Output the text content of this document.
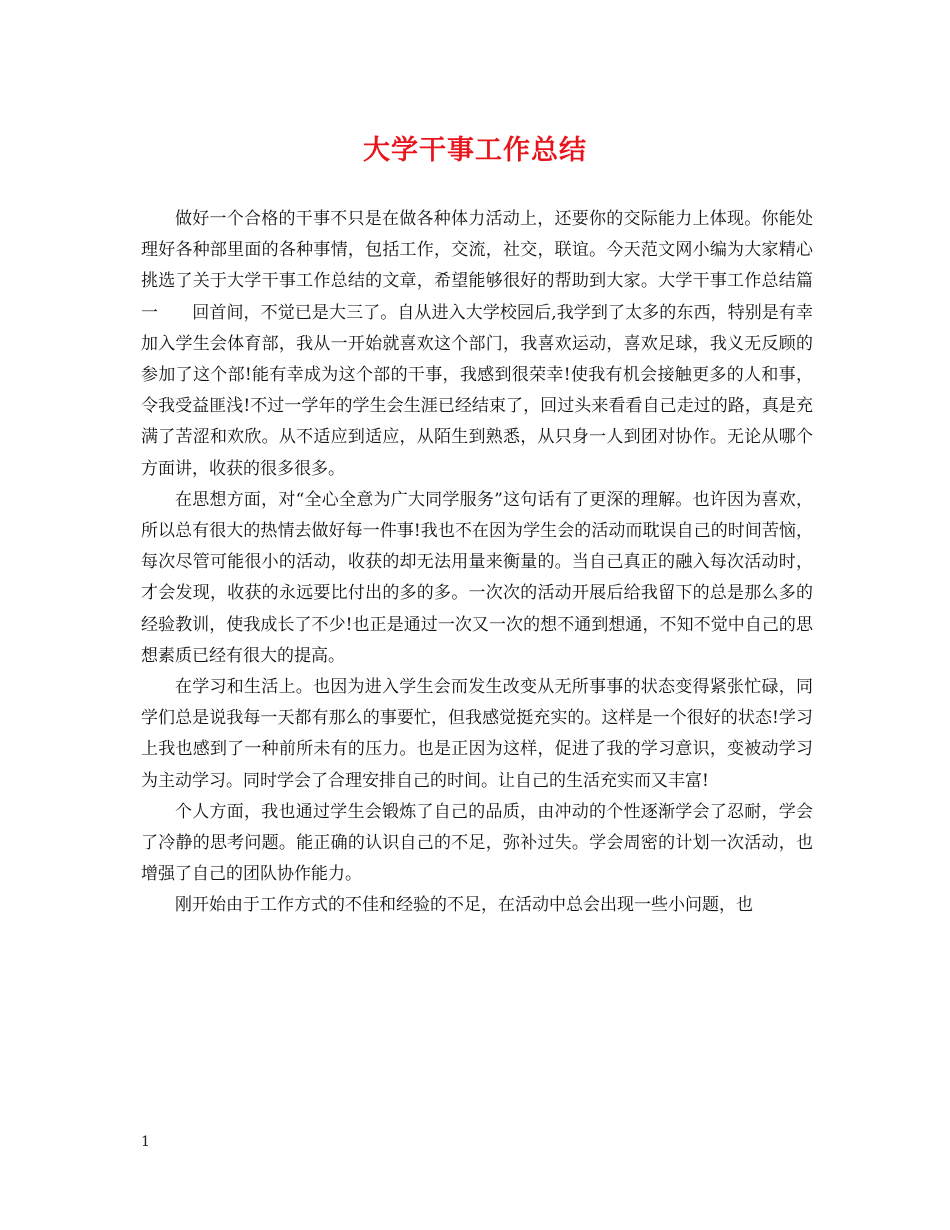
大学干事工作总结

做好一个合格的干事不只是在做各种体力活动上，还要你的交际能力上体现。你能处理好各种部里面的各种事情，包括工作，交流，社交，联谊。今天范文网小编为大家精心挑选了关于大学干事工作总结的文章，希望能够很好的帮助到大家。大学干事工作总结篇一　　回首间，不觉已是大三了。自从进入大学校园后,我学到了太多的东西，特别是有幸加入学生会体育部，我从一开始就喜欢这个部门，我喜欢运动，喜欢足球，我义无反顾的参加了这个部!能有幸成为这个部的干事，我感到很荣幸!使我有机会接触更多的人和事，令我受益匪浅!不过一学年的学生会生涯已经结束了，回过头来看看自己走过的路，真是充满了苦涩和欢欣。从不适应到适应，从陌生到熟悉，从只身一人到团对协作。无论从哪个方面讲，收获的很多很多。

在思想方面，对“全心全意为广大同学服务”这句话有了更深的理解。也许因为喜欢，所以总有很大的热情去做好每一件事!我也不在因为学生会的活动而耽误自己的时间苦恼，每次尽管可能很小的活动，收获的却无法用量来衡量的。当自己真正的融入每次活动时，才会发现，收获的永远要比付出的多的多。一次次的活动开展后给我留下的总是那么多的经验教训，使我成长了不少!也正是通过一次又一次的想不通到想通，不知不觉中自己的思想素质已经有很大的提高。

在学习和生活上。也因为进入学生会而发生改变从无所事事的状态变得紧张忙碌，同学们总是说我每一天都有那么的事要忙，但我感觉挺充实的。这样是一个很好的状态!学习上我也感到了一种前所未有的压力。也是正因为这样，促进了我的学习意识，变被动学习为主动学习。同时学会了合理安排自己的时间。让自己的生活充实而又丰富!

个人方面，我也通过学生会锻炼了自己的品质，由冲动的个性逐渐学会了忍耐，学会了冷静的思考问题。能正确的认识自己的不足，弥补过失。学会周密的计划一次活动，也增强了自己的团队协作能力。

刚开始由于工作方式的不佳和经验的不足，在活动中总会出现一些小问题，也

1
